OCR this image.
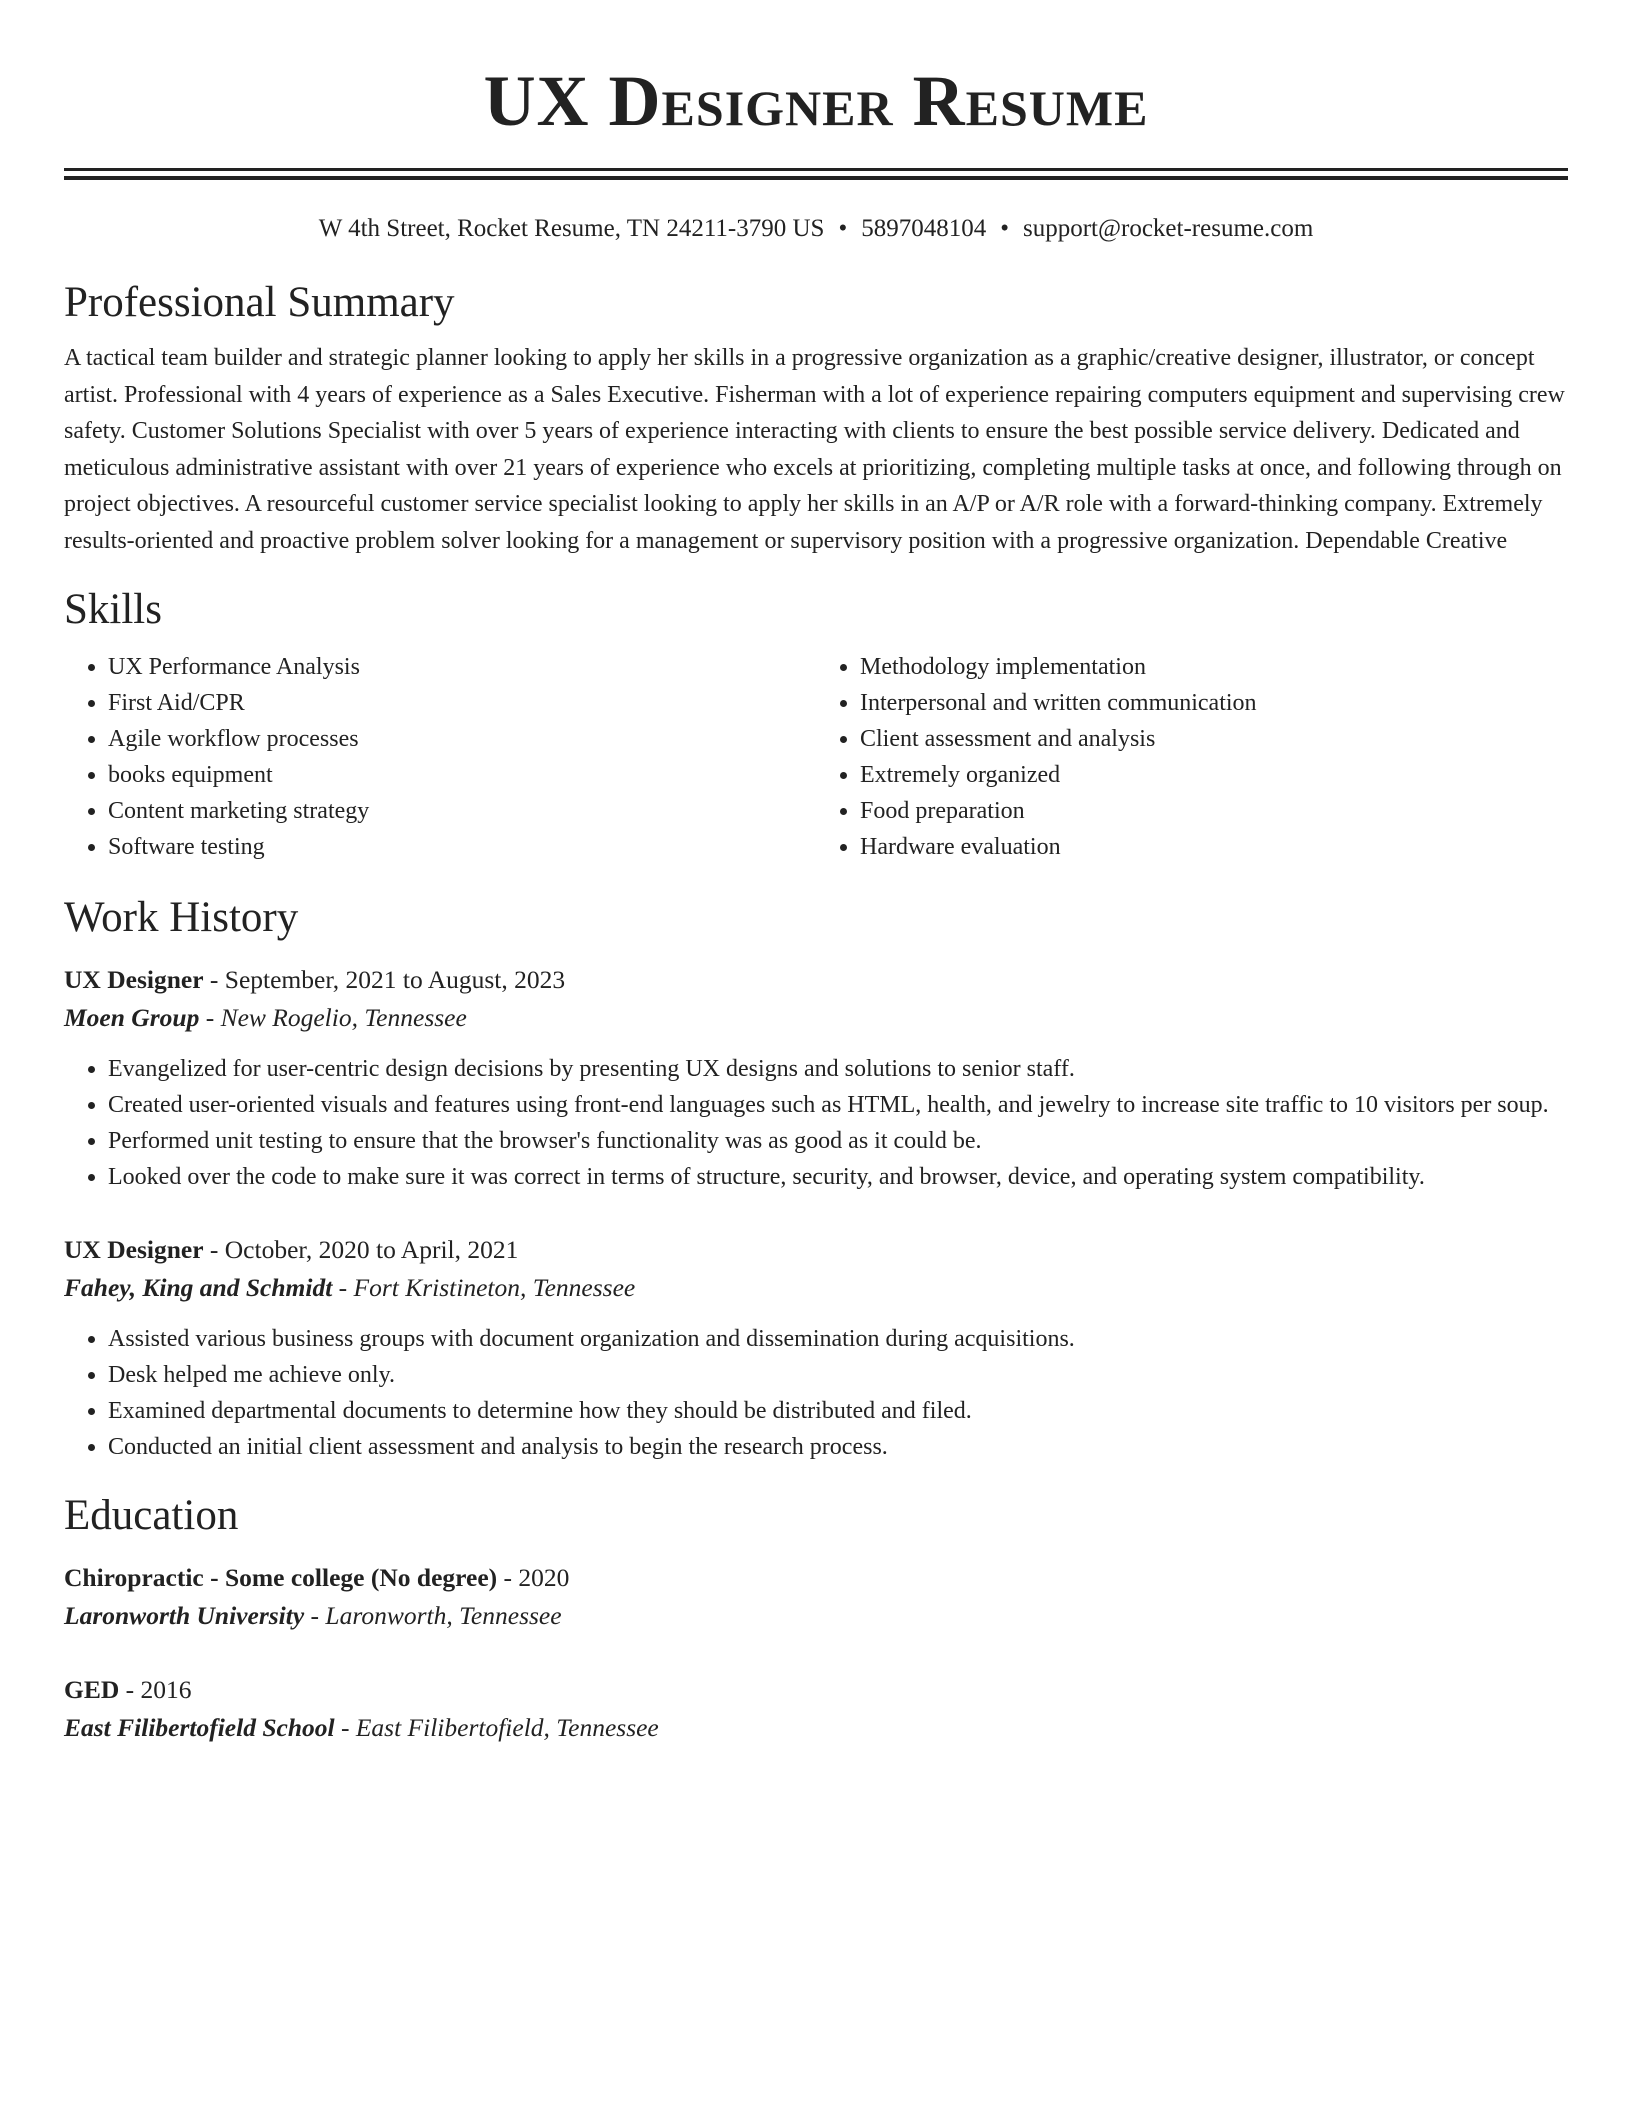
UX Designer Resume
W 4th Street, Rocket Resume, TN 24211-3790 US • 5897048104 • support@rocket-resume.com
Professional Summary

A tactical team builder and strategic planner looking to apply her skills in a progressive organization as a graphic/creative designer, illustrator, or concept artist. Professional with 4 years of experience as a Sales Executive. Fisherman with a lot of experience repairing computers equipment and supervising crew safety. Customer Solutions Specialist with over 5 years of experience interacting with clients to ensure the best possible service delivery. Dedicated and meticulous administrative assistant with over 21 years of experience who excels at prioritizing, completing multiple tasks at once, and following through on project objectives. A resourceful customer service specialist looking to apply her skills in an A/P or A/R role with a forward-thinking company. Extremely results-oriented and proactive problem solver looking for a management or supervisory position with a progressive organization. Dependable Creative

Skills
• UX Performance Analysis
• First Aid/CPR
• Agile workflow processes
• books equipment
• Content marketing strategy
• Software testing
• Methodology implementation
• Interpersonal and written communication
• Client assessment and analysis
• Extremely organized
• Food preparation
• Hardware evaluation
Work History
UX Designer - September, 2021 to August, 2023
Moen Group - New Rogelio, Tennessee
• Evangelized for user-centric design decisions by presenting UX designs and solutions to senior staff.
• Created user-oriented visuals and features using front-end languages such as HTML, health, and jewelry to increase site traffic to 10 visitors per soup.
• Performed unit testing to ensure that the browser's functionality was as good as it could be.
• Looked over the code to make sure it was correct in terms of structure, security, and browser, device, and operating system compatibility.
UX Designer - October, 2020 to April, 2021
Fahey, King and Schmidt - Fort Kristineton, Tennessee
• Assisted various business groups with document organization and dissemination during acquisitions.
• Desk helped me achieve only.
• Examined departmental documents to determine how they should be distributed and filed.
• Conducted an initial client assessment and analysis to begin the research process.
Education
Chiropractic - Some college (No degree) - 2020
Laronworth University - Laronworth, Tennessee
GED - 2016
East Filibertofield School - East Filibertofield, Tennessee
